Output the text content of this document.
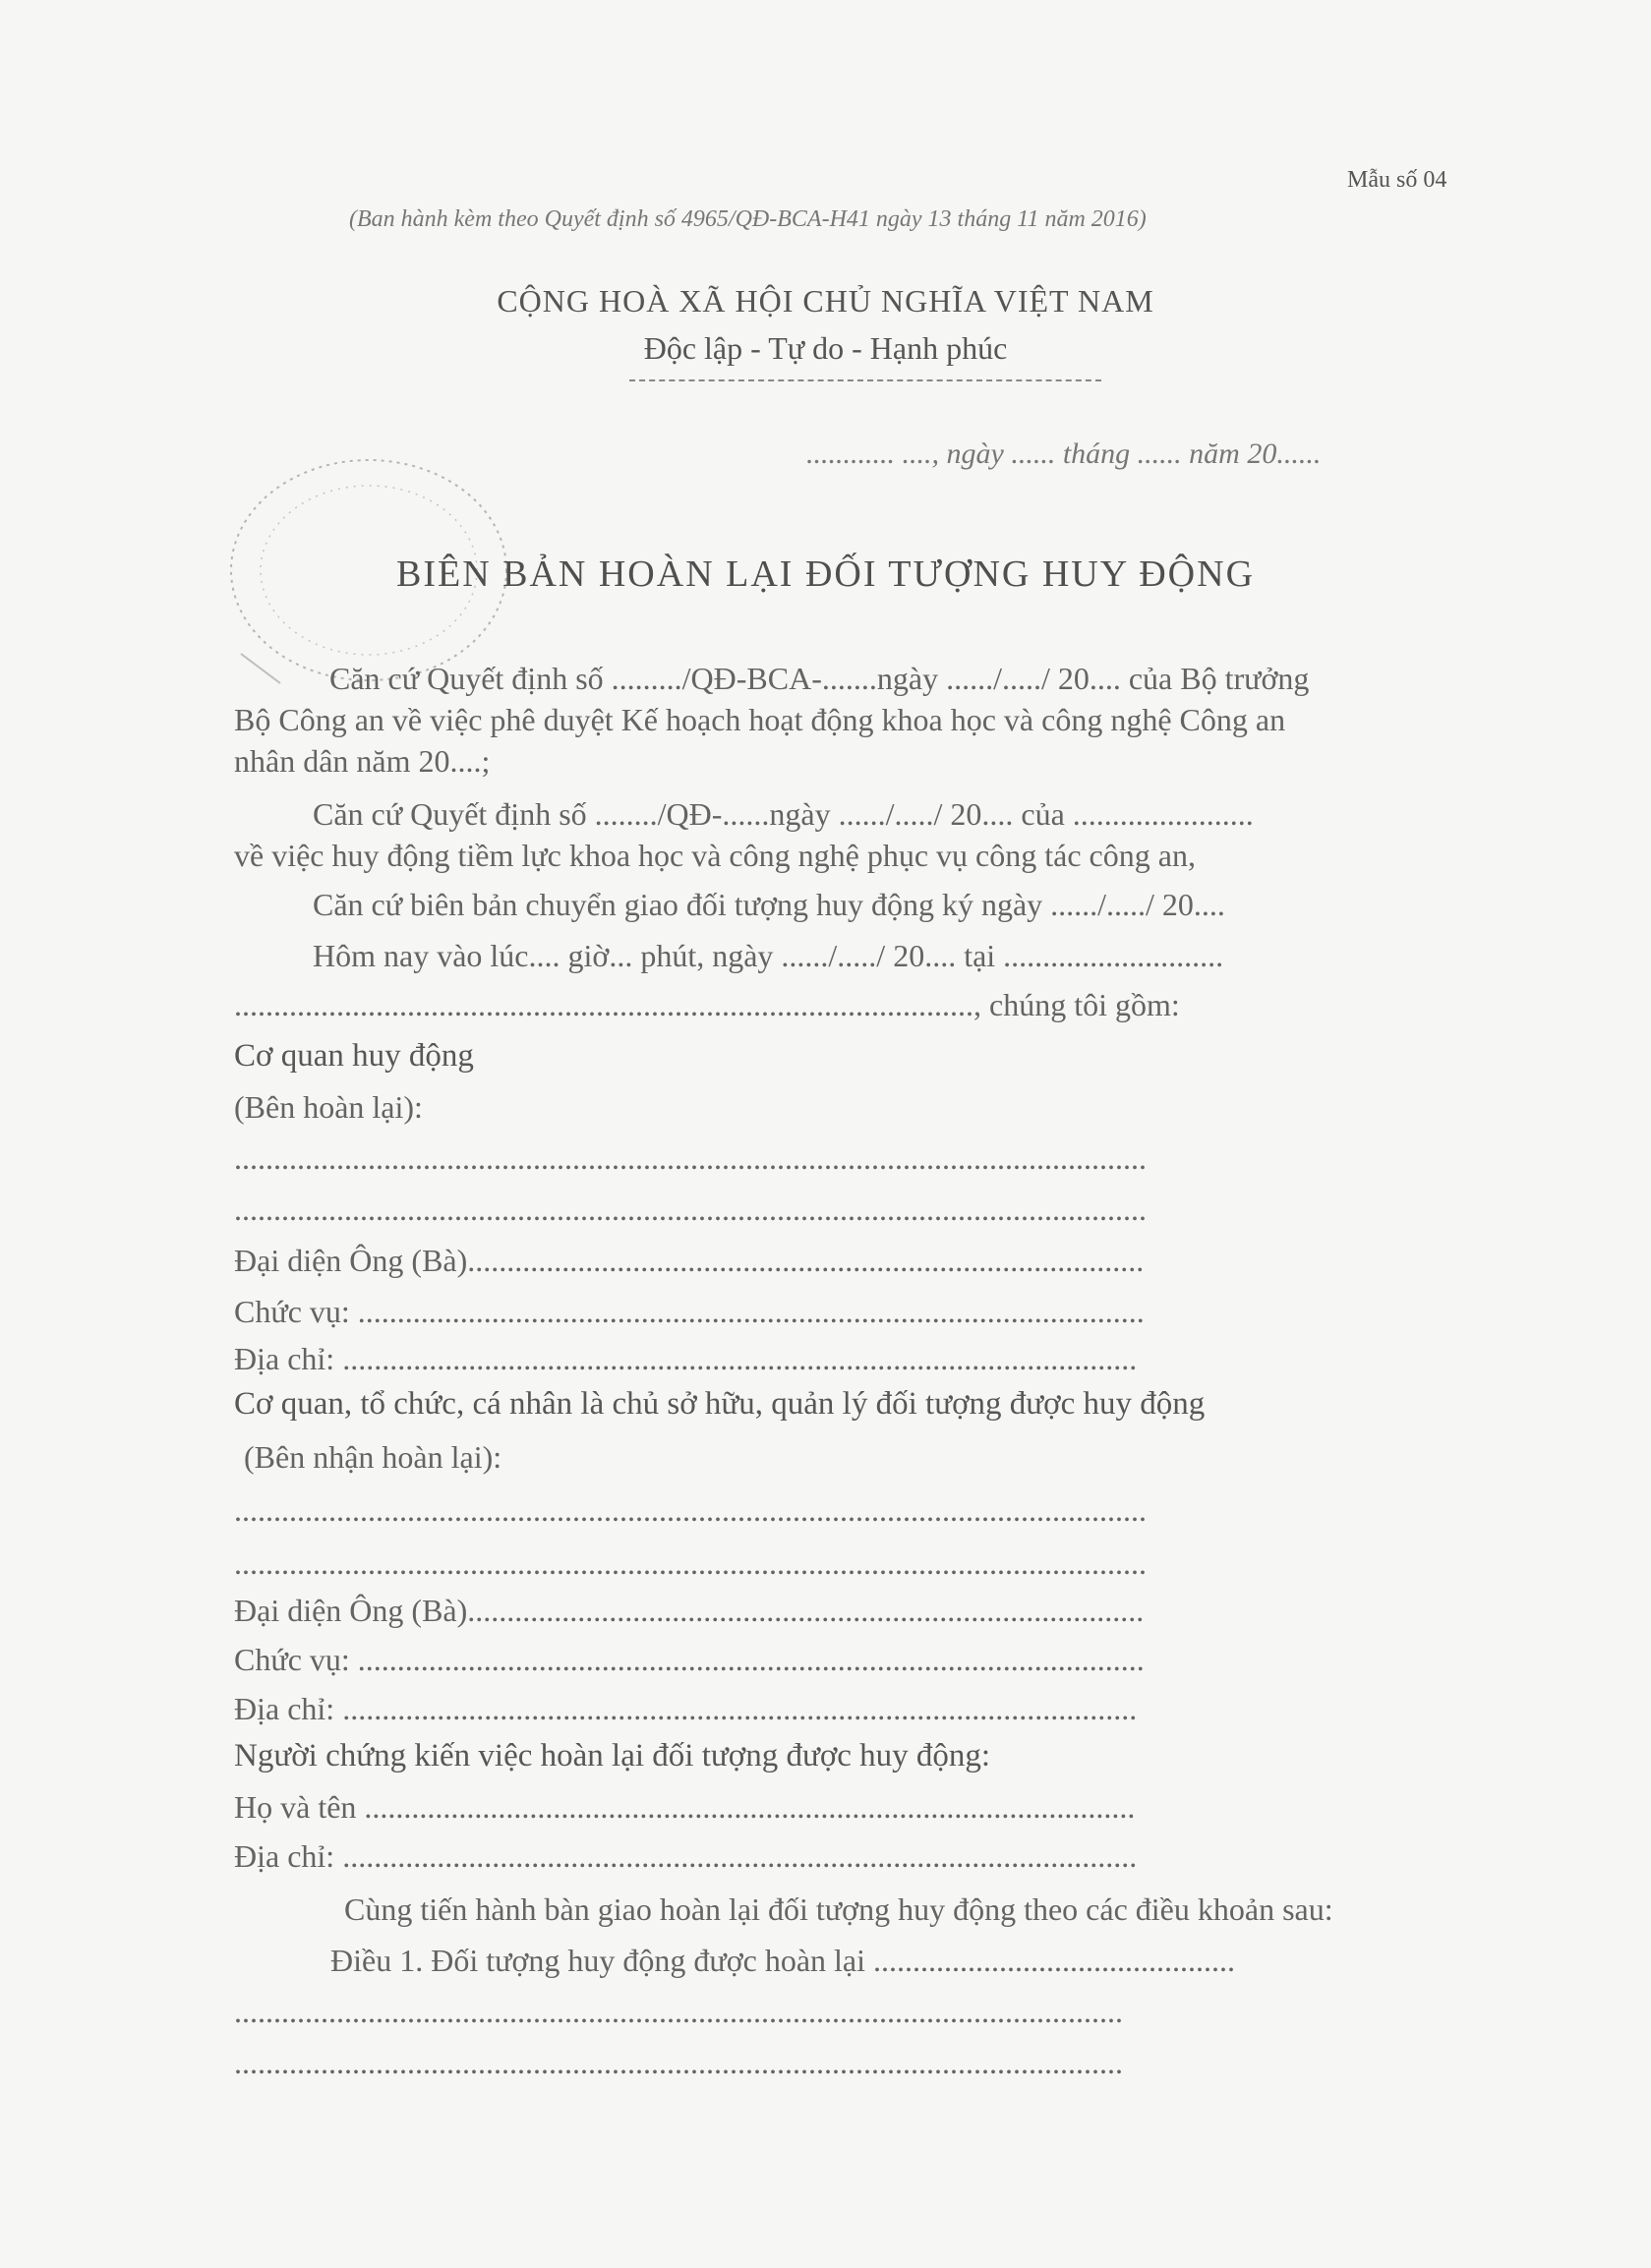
Mẫu số 04
(Ban hành kèm theo Quyết định số 4965/QĐ-BCA-H41 ngày 13 tháng 11 năm 2016)
CỘNG HOÀ XÃ HỘI CHỦ NGHĨA VIỆT NAM
Độc lập - Tự do - Hạnh phúc
............ ...., ngày ...... tháng ...... năm 20......
BIÊN BẢN HOÀN LẠI ĐỐI TƯỢNG HUY ĐỘNG
Căn cứ Quyết định số ........./QĐ-BCA-.......ngày ....../...../ 20.... của Bộ trưởng
Bộ Công an về việc phê duyệt Kế hoạch hoạt động khoa học và công nghệ Công an
nhân dân năm 20....;
Căn cứ Quyết định số ......../QĐ-......ngày ....../...../ 20.... của .......................
về việc huy động tiềm lực khoa học và công nghệ phục vụ công tác công an,
Căn cứ biên bản chuyển giao đối tượng huy động ký ngày ....../...../ 20....
Hôm nay vào lúc.... giờ... phút, ngày ....../...../ 20.... tại ............................
.............................................................................................., chúng tôi gồm:
Cơ quan huy động
(Bên hoàn lại):
....................................................................................................................
....................................................................................................................
Đại diện Ông (Bà)......................................................................................
Chức vụ: ....................................................................................................
Địa chỉ: .....................................................................................................
Cơ quan, tổ chức, cá nhân là chủ sở hữu, quản lý đối tượng được huy động
(Bên nhận hoàn lại):
....................................................................................................................
....................................................................................................................
Đại diện Ông (Bà)......................................................................................
Chức vụ: ....................................................................................................
Địa chỉ: .....................................................................................................
Người chứng kiến việc hoàn lại đối tượng được huy động:
Họ và tên ..................................................................................................
Địa chỉ: .....................................................................................................
Cùng tiến hành bàn giao hoàn lại đối tượng huy động theo các điều khoản sau:
Điều 1. Đối tượng huy động được hoàn lại ..............................................
.................................................................................................................
.................................................................................................................
